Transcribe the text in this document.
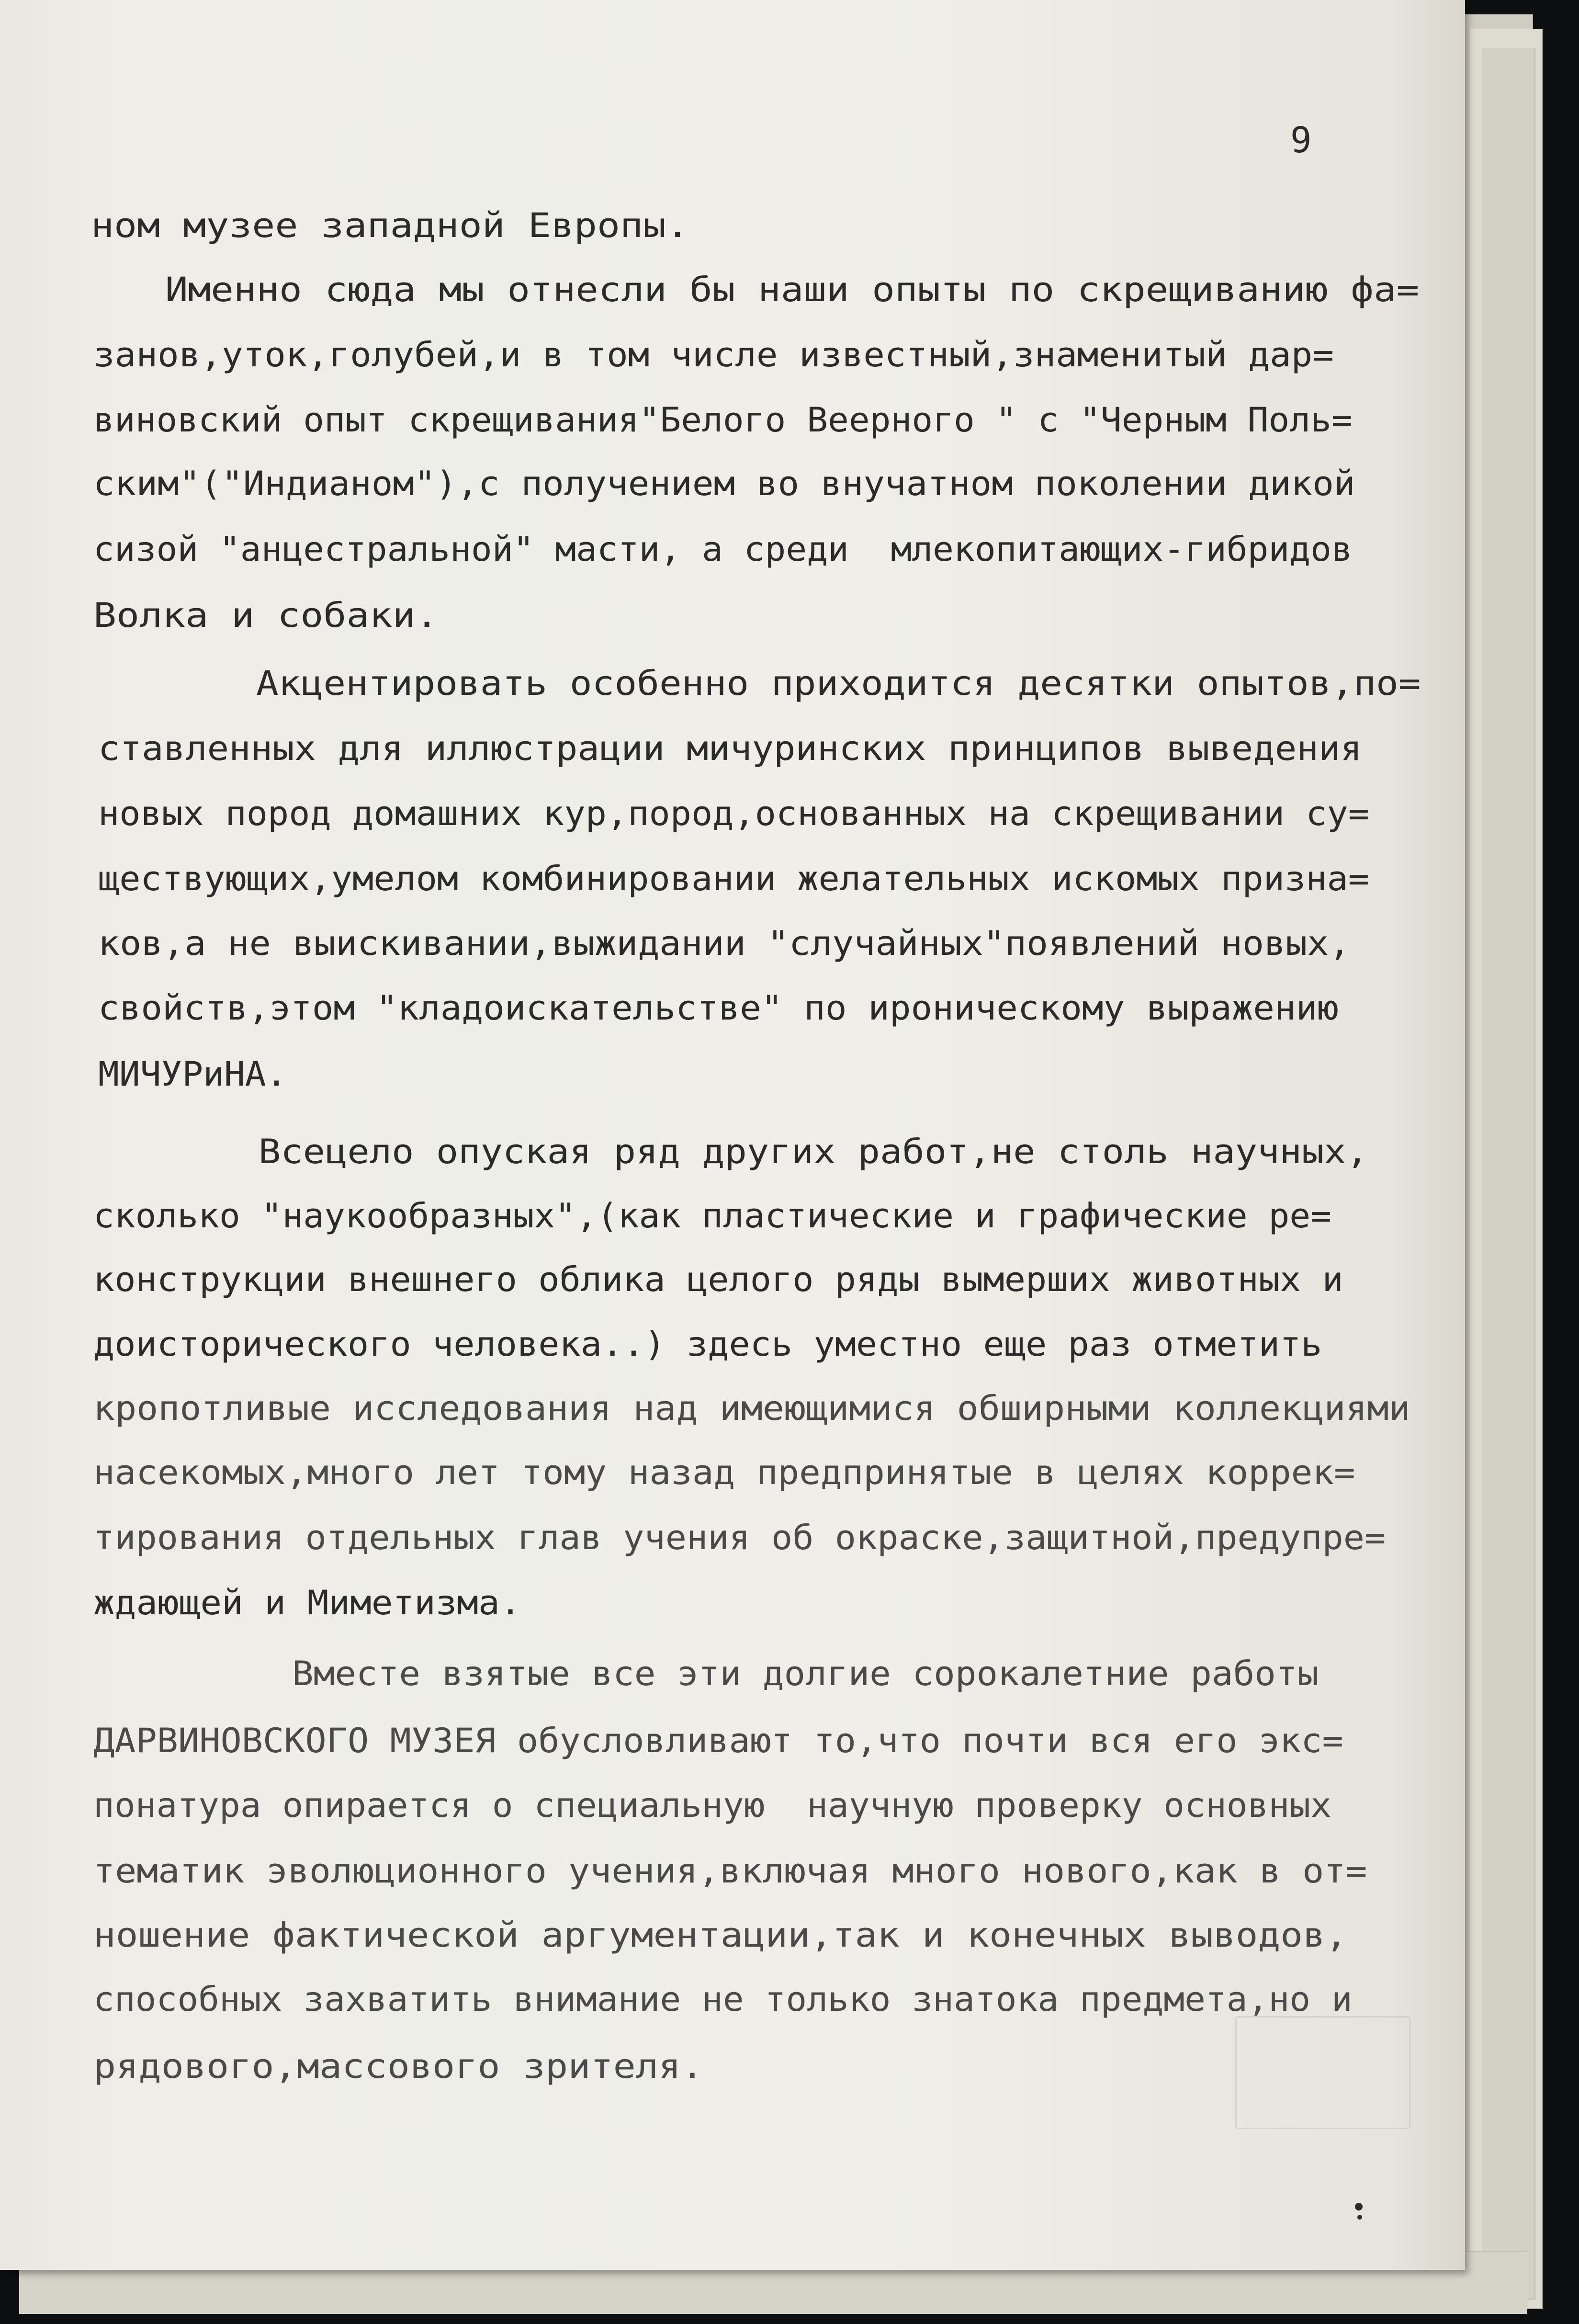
9

ном музее западной Европы.

Именно сюда мы отнесли бы наши опыты по скрещиванию фа=

занов,уток,голубей,и в том числе известный,знаменитый дар=

виновский опыт скрещивания"Белого Веерного " с "Черным Поль=

ским"("Индианом"),с получением во внучатном поколении дикой

сизой "анцестральной" масти, а среди  млекопитающих-гибридов

Волка и собаки.

Акцентировать особенно приходится десятки опытов,по=

ставленных для иллюстрации мичуринских принципов выведения

новых пород домашних кур,пород,основанных на скрещивании су=

ществующих,умелом комбинировании желательных искомых призна=

ков,а не выискивании,выжидании "случайных"появлений новых,

свойств,этом "кладоискательстве" по ироническому выражению

МИЧУРиНА.

Всецело опуская ряд других работ,не столь научных,

сколько "наукообразных",(как пластические и графические ре=

конструкции внешнего облика целого ряды вымерших животных и

доисторического человека..) здесь уместно еще раз отметить

кропотливые исследования над имеющимися обширными коллекциями

насекомых,много лет тому назад предпринятые в целях коррек=

тирования отдельных глав учения об окраске,защитной,предупре=

ждающей и Миметизма.

Вместе взятые все эти долгие сорокалетние работы

ДАРВИНОВСКОГО МУЗЕЯ обусловливают то,что почти вся его экс=

понатура опирается о специальную  научную проверку основных

тематик эволюционного учения,включая много нового,как в от=

ношение фактической аргументации,так и конечных выводов,

способных захватить внимание не только знатока предмета,но и

рядового,массового зрителя.
